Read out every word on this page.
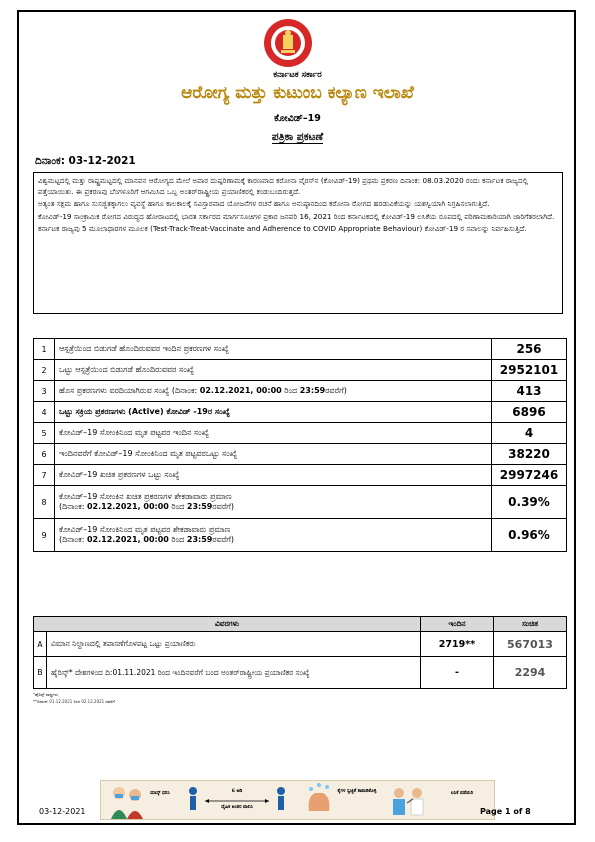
ಕರ್ನಾಟಕ ಸರ್ಕಾರ
ಆರೋಗ್ಯ ಮತ್ತು ಕುಟುಂಬ ಕಲ್ಯಾಣ ಇಲಾಖೆ
ಕೋವಿಡ್–19
ಪತ್ರಿಕಾ ಪ್ರಕಟಣೆ
ದಿನಾಂಕ: 03-12-2021

ವಿಶ್ವಮಟ್ಟದಲ್ಲಿ ಮತ್ತು ರಾಷ್ಟ್ರಮಟ್ಟದಲ್ಲಿ ಮಾನವನ ಆರೋಗ್ಯದ ಮೇಲೆ ಅಪಾರ ದುಷ್ಪರಿಣಾಮಕ್ಕೆ ಕಾರಣವಾದ ಕರೋನಾ ವೈರಸ್‌ನ (ಕೋವಿಡ್-19) ಪ್ರಥಮ ಪ್ರಕರಣ ದಿನಾಂಕ: 08.03.2020 ರಂದು ಕರ್ನಾಟಕ ರಾಜ್ಯದಲ್ಲಿ ಪತ್ತೆಯಾಯಿತು. ಈ ಪ್ರಕರಣವು ಬೆಂಗಳೂರಿಗೆ ಆಗಮಿಸಿದ ಒಬ್ಬ ಅಂತರ್‌ರಾಷ್ಟ್ರೀಯ ಪ್ರಯಾಣಿಕರಲ್ಲಿ ಕಂಡುಬಂದಿರುತ್ತದೆ.

ಅತ್ಯಂತ ಸಕ್ಷಮ ಹಾಗೂ ಸುಸಜ್ಜಿತಕ್ಕಾಗಲು ವ್ಯವಸ್ಥೆ ಹಾಗೂ ಕಾಲಕಾಲಕ್ಕೆ ಸವಿಸ್ತಾರವಾದ ಯೋಜನೆಗಳ ರಚನೆ ಹಾಗೂ ಅನುಷ್ಠಾನದಿಂದ ಕರೋನಾ ರೋಗದ ಹರಡುವಿಕೆಯನ್ನು ಯಶಸ್ವಿಯಾಗಿ ನಿಗ್ರಹಿಸಲಾಗುತ್ತಿದೆ.

ಕೋವಿಡ್-19 ಸಾಂಕ್ರಾಮಿಕ ರೋಗದ ವಿರುದ್ಧದ ಹೋರಾಟದಲ್ಲಿ ಭಾರತ ಸರ್ಕಾರದ ಮಾರ್ಗಸೂಚಿಗಳ ಪ್ರಕಾರ ಜನವರಿ 16, 2021 ರಿಂದ ಕರ್ನಾಟಕದಲ್ಲಿ ಕೋವಿಡ್-19 ಲಸಿಕೆಯ ರೂಪದಲ್ಲಿ ಪರಿಣಾಮಕಾರಿಯಾಗಿ ಜಾರಿಗೆತರಲಾಗಿದೆ.

ಕರ್ನಾಟಕ ರಾಜ್ಯವು 5 ಮೂಲಾಧಾರಗಳ ಮೂಲಕ (Test-Track-Treat-Vaccinate and Adherence to COVID Appropriate Behaviour) ಕೋವಿಡ್-19 ರ ಸವಾಲನ್ನು ನಿರ್ವಹಿಸುತ್ತಿದೆ.

1	ಆಸ್ಪತ್ರೆಯಿಂದ ಬಿಡುಗಡೆ ಹೊಂದಿರುವವರ ಇಂದಿನ ಪ್ರಕರಣಗಳ ಸಂಖ್ಯೆ	256
2	ಒಟ್ಟು ಆಸ್ಪತ್ರೆಯಿಂದ ಬಿಡುಗಡೆ ಹೊಂದಿರುವವರ ಸಂಖ್ಯೆ	2952101
3	ಹೊಸ ಪ್ರಕರಣಗಳು ವರದಿಯಾಗಿರುವ ಸಂಖ್ಯೆ (ದಿನಾಂಕ: 02.12.2021, 00:00 ರಿಂದ 23:59ರವರೆಗೆ)	413
4	ಒಟ್ಟು ಸಕ್ರಿಯ ಪ್ರಕರಣಗಳು (Active) ಕೋವಿಡ್ -19ರ ಸಂಖ್ಯೆ	6896
5	ಕೋವಿಡ್–19 ಸೋಂಕಿನಿಂದ ಮೃತ ಪಟ್ಟವರ ಇಂದಿನ ಸಂಖ್ಯೆ	4
6	ಇಂದಿನವರೆಗೆ ಕೋವಿಡ್–19 ಸೋಂಕಿನಿಂದ ಮೃತ ಪಟ್ಟವರಒಟ್ಟು ಸಂಖ್ಯೆ	38220
7	ಕೋವಿಡ್–19 ಖಚಿತ ಪ್ರಕರಣಗಳ ಒಟ್ಟು ಸಂಖ್ಯೆ	2997246
8	ಕೋವಿಡ್–19 ಸೋಂಕಿನ ಖಚಿತ ಪ್ರಕರಣಗಳ ಶೇಕಡಾವಾರು ಪ್ರಮಾಣ
(ದಿನಾಂಕ: 02.12.2021, 00:00 ರಿಂದ 23:59ರವರೆಗೆ)	0.39%
9	ಕೋವಿಡ್–19 ಸೋಂಕಿನಿಂದ ಮೃತ ಪಟ್ಟವರ ಶೇಕಡಾವಾರು ಪ್ರಮಾಣ
(ದಿನಾಂಕ: 02.12.2021, 00:00 ರಿಂದ 23:59ರವರೆಗೆ)	0.96%
ವಿವರಗಳು		ಇಂದಿನ	ಸಂಚಿತ
A	ವಿಮಾನ ನಿಲ್ದಾಣದಲ್ಲಿ ತಪಾಸಣೆಗೊಳಪಟ್ಟ ಒಟ್ಟು ಪ್ರಯಾಣಿಕರು	2719**	567013
B	ಹೈರಿಸ್ಕ್* ದೇಶಗಳಿಂದ ದಿ:01.11.2021 ರಿಂದ ಇಂದಿನವರೆಗೆ ಬಂದ ಅಂತರ್‌ರಾಷ್ಟ್ರೀಯ ಪ್ರಯಾಣಿಕರ ಸಂಖ್ಯೆ	-	2294
*ಹೈರಿಸ್ಕ್ ರಾಷ್ಟ್ರಗಳು
**ದಿನಾಂಕ: 01.12.2021 ರಿಂದ 02.12.2021 ರವರೆಗೆ
ಮಾಸ್ಕ್ ಧರಿಸಿ	6 ಅಡಿ
ದೈಹಿಕ ಅಂತರ ಪಾಲಿಸಿ
ಕೈಗಳ ಸ್ವಚ್ಛತೆ ಕಾಪಾಡಿಕೊಳ್ಳಿ	ಲಸಿಕೆ ಪಡೆಯಿರಿ
03-12-2021	Page 1 of 8
